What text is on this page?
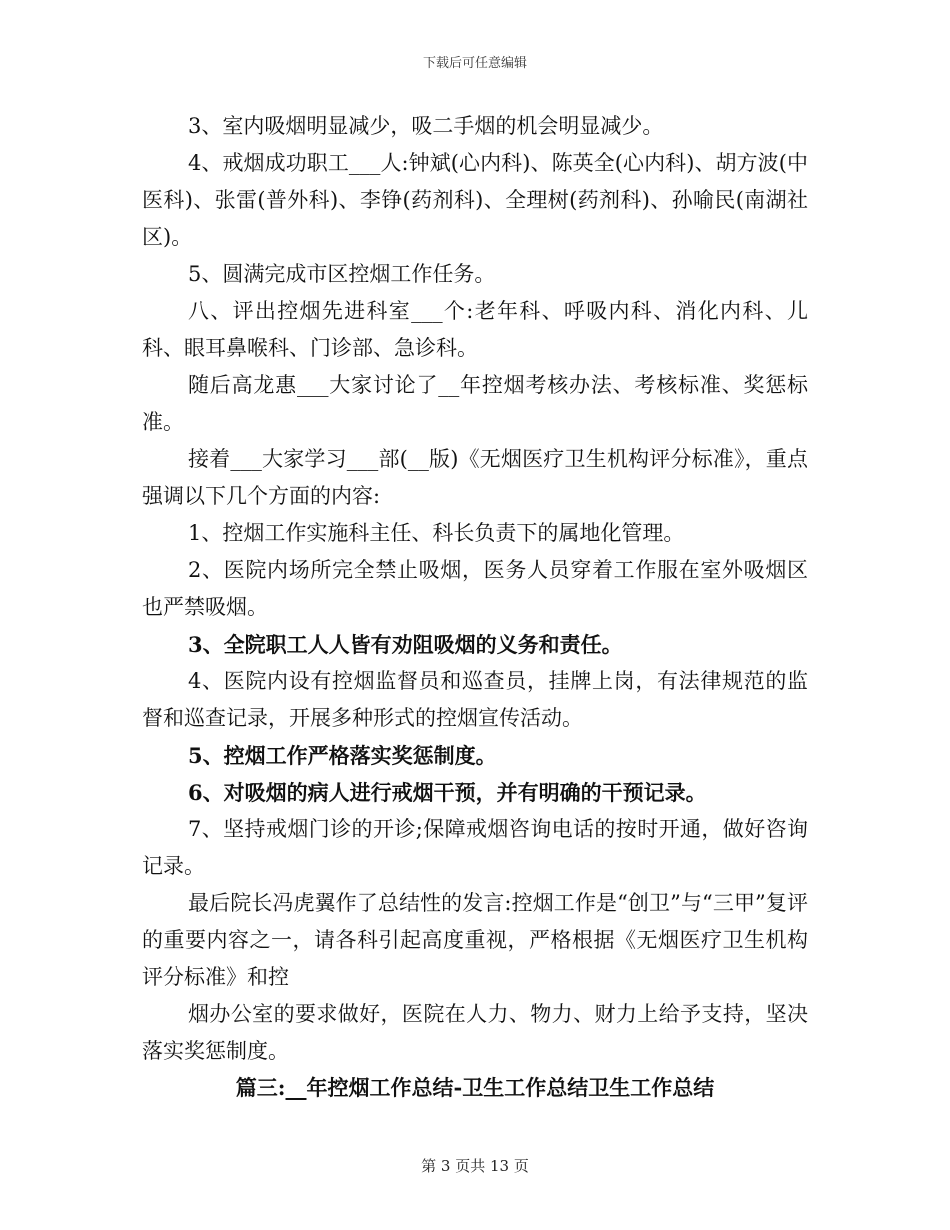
下载后可任意编辑

3、室内吸烟明显减少，吸二手烟的机会明显减少。

4、戒烟成功职工___人:钟斌(心内科)、陈英全(心内科)、胡方波(中医科)、张雷(普外科)、李铮(药剂科)、全理树(药剂科)、孙喻民(南湖社区)。

5、圆满完成市区控烟工作任务。

八、评出控烟先进科室___个:老年科、呼吸内科、消化内科、儿科、眼耳鼻喉科、门诊部、急诊科。

随后高龙惠___大家讨论了__年控烟考核办法、考核标准、奖惩标准。

接着___大家学习___部(__版)《无烟医疗卫生机构评分标准》，重点强调以下几个方面的内容:

1、控烟工作实施科主任、科长负责下的属地化管理。

2、医院内场所完全禁止吸烟，医务人员穿着工作服在室外吸烟区也严禁吸烟。

3、全院职工人人皆有劝阻吸烟的义务和责任。

4、医院内设有控烟监督员和巡查员，挂牌上岗，有法律规范的监督和巡查记录，开展多种形式的控烟宣传活动。

5、控烟工作严格落实奖惩制度。

6、对吸烟的病人进行戒烟干预，并有明确的干预记录。

7、坚持戒烟门诊的开诊;保障戒烟咨询电话的按时开通，做好咨询记录。

最后院长冯虎翼作了总结性的发言:控烟工作是“创卫”与“三甲”复评的重要内容之一，请各科引起高度重视，严格根据《无烟医疗卫生机构评分标准》和控

烟办公室的要求做好，医院在人力、物力、财力上给予支持，坚决落实奖惩制度。

篇三:__年控烟工作总结-卫生工作总结卫生工作总结
第 3 页共 13 页
